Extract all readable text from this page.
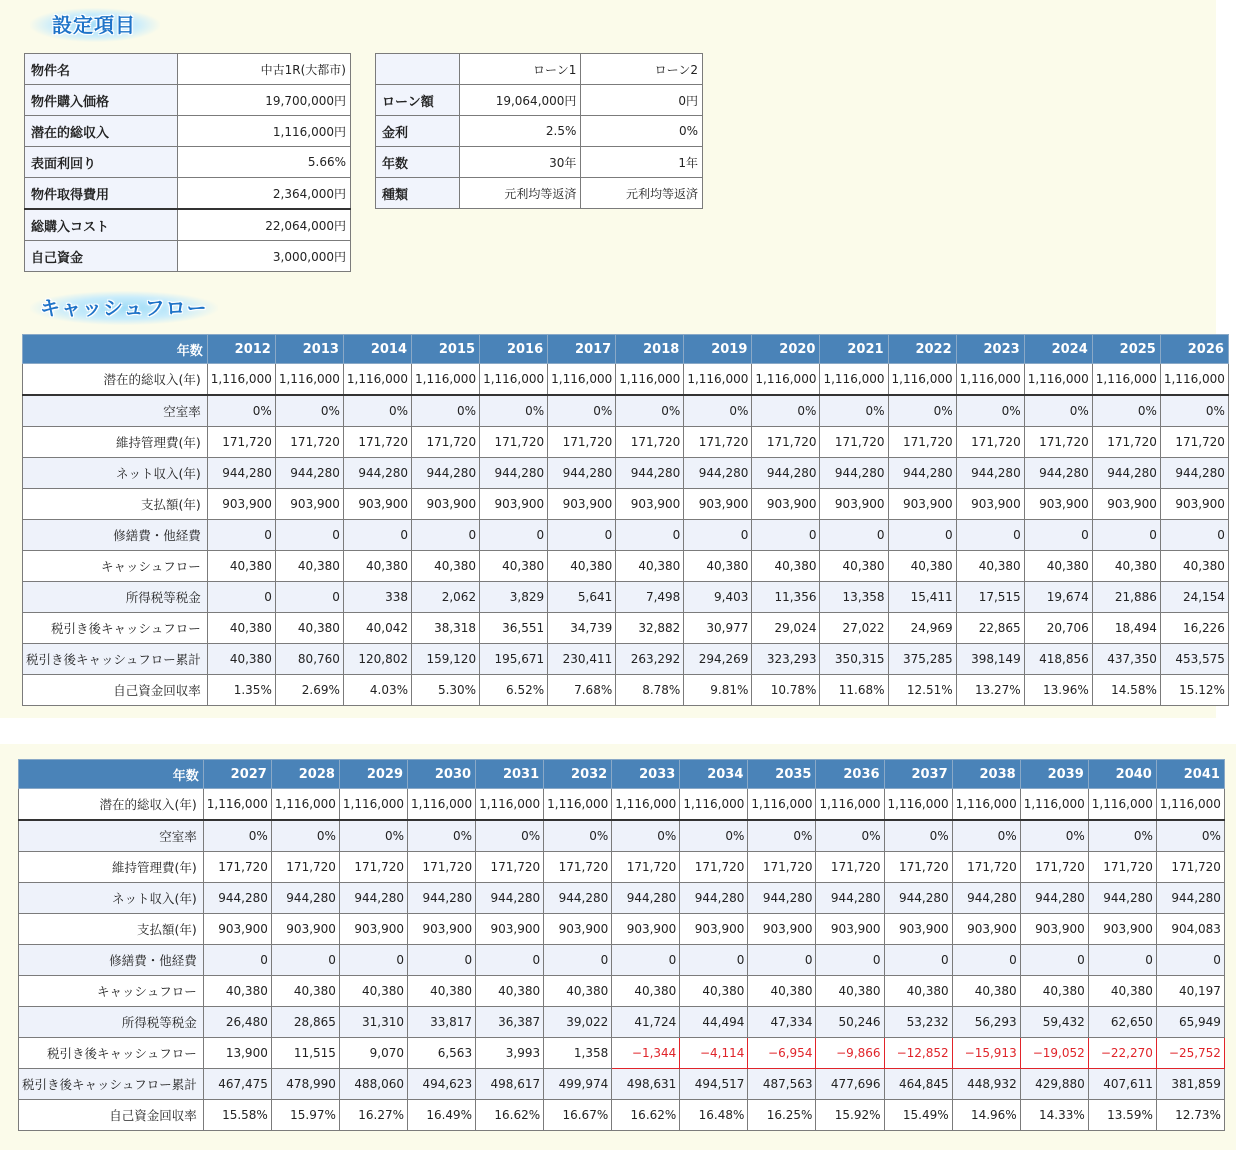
設定項目
キャッシュフロー
物件名	中古1R(大都市)
物件購入価格	19,700,000円
潜在的総収入	1,116,000円
表面利回り	5.66%
物件取得費用	2,364,000円
総購入コスト	22,064,000円
自己資金	3,000,000円
	ローン1	ローン2
ローン額	19,064,000円	0円
金利	2.5%	0%
年数	30年	1年
種類	元利均等返済	元利均等返済
年数	2012	2013	2014	2015	2016	2017	2018	2019	2020	2021	2022	2023	2024	2025	2026
潜在的総収入(年)	1,116,000	1,116,000	1,116,000	1,116,000	1,116,000	1,116,000	1,116,000	1,116,000	1,116,000	1,116,000	1,116,000	1,116,000	1,116,000	1,116,000	1,116,000
空室率	0%	0%	0%	0%	0%	0%	0%	0%	0%	0%	0%	0%	0%	0%	0%
維持管理費(年)	171,720	171,720	171,720	171,720	171,720	171,720	171,720	171,720	171,720	171,720	171,720	171,720	171,720	171,720	171,720
ネット収入(年)	944,280	944,280	944,280	944,280	944,280	944,280	944,280	944,280	944,280	944,280	944,280	944,280	944,280	944,280	944,280
支払額(年)	903,900	903,900	903,900	903,900	903,900	903,900	903,900	903,900	903,900	903,900	903,900	903,900	903,900	903,900	903,900
修繕費・他経費	0	0	0	0	0	0	0	0	0	0	0	0	0	0	0
キャッシュフロー	40,380	40,380	40,380	40,380	40,380	40,380	40,380	40,380	40,380	40,380	40,380	40,380	40,380	40,380	40,380
所得税等税金	0	0	338	2,062	3,829	5,641	7,498	9,403	11,356	13,358	15,411	17,515	19,674	21,886	24,154
税引き後キャッシュフロー	40,380	40,380	40,042	38,318	36,551	34,739	32,882	30,977	29,024	27,022	24,969	22,865	20,706	18,494	16,226
税引き後キャッシュフロー累計	40,380	80,760	120,802	159,120	195,671	230,411	263,292	294,269	323,293	350,315	375,285	398,149	418,856	437,350	453,575
自己資金回収率	1.35%	2.69%	4.03%	5.30%	6.52%	7.68%	8.78%	9.81%	10.78%	11.68%	12.51%	13.27%	13.96%	14.58%	15.12%
年数	2027	2028	2029	2030	2031	2032	2033	2034	2035	2036	2037	2038	2039	2040	2041
潜在的総収入(年)	1,116,000	1,116,000	1,116,000	1,116,000	1,116,000	1,116,000	1,116,000	1,116,000	1,116,000	1,116,000	1,116,000	1,116,000	1,116,000	1,116,000	1,116,000
空室率	0%	0%	0%	0%	0%	0%	0%	0%	0%	0%	0%	0%	0%	0%	0%
維持管理費(年)	171,720	171,720	171,720	171,720	171,720	171,720	171,720	171,720	171,720	171,720	171,720	171,720	171,720	171,720	171,720
ネット収入(年)	944,280	944,280	944,280	944,280	944,280	944,280	944,280	944,280	944,280	944,280	944,280	944,280	944,280	944,280	944,280
支払額(年)	903,900	903,900	903,900	903,900	903,900	903,900	903,900	903,900	903,900	903,900	903,900	903,900	903,900	903,900	904,083
修繕費・他経費	0	0	0	0	0	0	0	0	0	0	0	0	0	0	0
キャッシュフロー	40,380	40,380	40,380	40,380	40,380	40,380	40,380	40,380	40,380	40,380	40,380	40,380	40,380	40,380	40,197
所得税等税金	26,480	28,865	31,310	33,817	36,387	39,022	41,724	44,494	47,334	50,246	53,232	56,293	59,432	62,650	65,949
税引き後キャッシュフロー	13,900	11,515	9,070	6,563	3,993	1,358	−1,344	−4,114	−6,954	−9,866	−12,852	−15,913	−19,052	−22,270	−25,752
税引き後キャッシュフロー累計	467,475	478,990	488,060	494,623	498,617	499,974	498,631	494,517	487,563	477,696	464,845	448,932	429,880	407,611	381,859
自己資金回収率	15.58%	15.97%	16.27%	16.49%	16.62%	16.67%	16.62%	16.48%	16.25%	15.92%	15.49%	14.96%	14.33%	13.59%	12.73%
